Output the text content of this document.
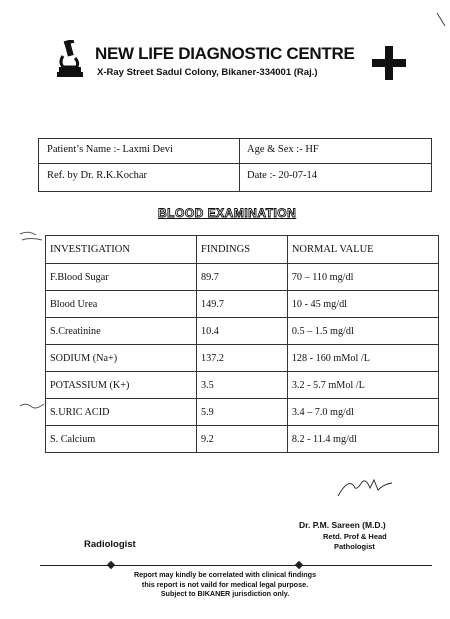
NEW LIFE DIAGNOSTIC CENTRE
X-Ray Street Sadul Colony, Bikaner-334001 (Raj.)
Patient’s Name :- Laxmi Devi	Age & Sex :- HF
Ref. by Dr. R.K.Kochar	Date :- 20-07-14
BLOOD EXAMINATION
INVESTIGATION	FINDINGS	NORMAL VALUE
F.Blood Sugar	89.7	70 – 110 mg/dl
Blood Urea	149.7	10 - 45 mg/dl
S.Creatinine	10.4	0.5 – 1.5 mg/dl
SODIUM (Na+)	137.2	128 - 160 mMol /L
POTASSIUM (K+)	3.5	3.2 - 5.7 mMol /L
S.URIC ACID	5.9	3.4 – 7.0 mg/dl
S. Calcium	9.2	8.2 - 11.4 mg/dl
Dr. P.M. Sareen (M.D.)
Retd. Prof & Head
Pathologist
Radiologist
Report may kindly be correlated with clinical findings
this report is not vaild for medical legal purpose.
Subject to BIKANER jurisdiction only.
